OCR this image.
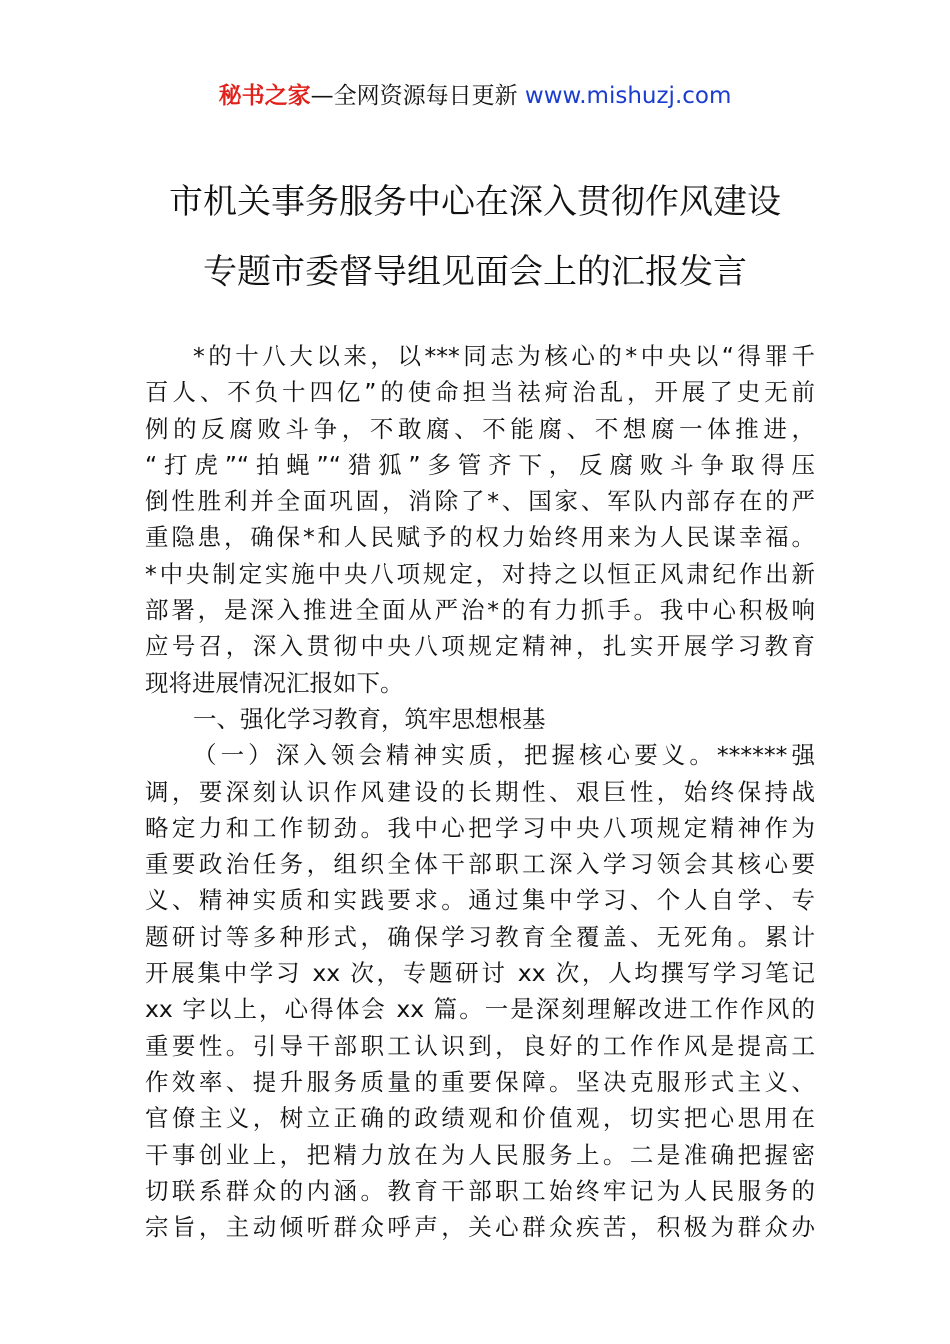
秘书之家—全网资源每日更新 www.mishuzj.com
市机关事务服务中心在深入贯彻作风建设
专题市委督导组见面会上的汇报发言
*的十八大以来，以***同志为核心的*中央以“得罪千
百人、不负十四亿”的使命担当祛疴治乱，开展了史无前
例的反腐败斗争，不敢腐、不能腐、不想腐一体推进，
“打虎”“拍蝇”“猎狐”多管齐下，反腐败斗争取得压
倒性胜利并全面巩固，消除了*、国家、军队内部存在的严
重隐患，确保*和人民赋予的权力始终用来为人民谋幸福。
*中央制定实施中央八项规定，对持之以恒正风肃纪作出新
部署，是深入推进全面从严治*的有力抓手。我中心积极响
应号召，深入贯彻中央八项规定精神，扎实开展学习教育
现将进展情况汇报如下。
一、强化学习教育，筑牢思想根基
（一）深入领会精神实质，把握核心要义。******强
调，要深刻认识作风建设的长期性、艰巨性，始终保持战
略定力和工作韧劲。我中心把学习中央八项规定精神作为
重要政治任务，组织全体干部职工深入学习领会其核心要
义、精神实质和实践要求。通过集中学习、个人自学、专
题研讨等多种形式，确保学习教育全覆盖、无死角。累计
开展集中学习 xx 次，专题研讨 xx 次，人均撰写学习笔记
xx 字以上，心得体会 xx 篇。一是深刻理解改进工作作风的
重要性。引导干部职工认识到，良好的工作作风是提高工
作效率、提升服务质量的重要保障。坚决克服形式主义、
官僚主义，树立正确的政绩观和价值观，切实把心思用在
干事创业上，把精力放在为人民服务上。二是准确把握密
切联系群众的内涵。教育干部职工始终牢记为人民服务的
宗旨，主动倾听群众呼声，关心群众疾苦，积极为群众办
